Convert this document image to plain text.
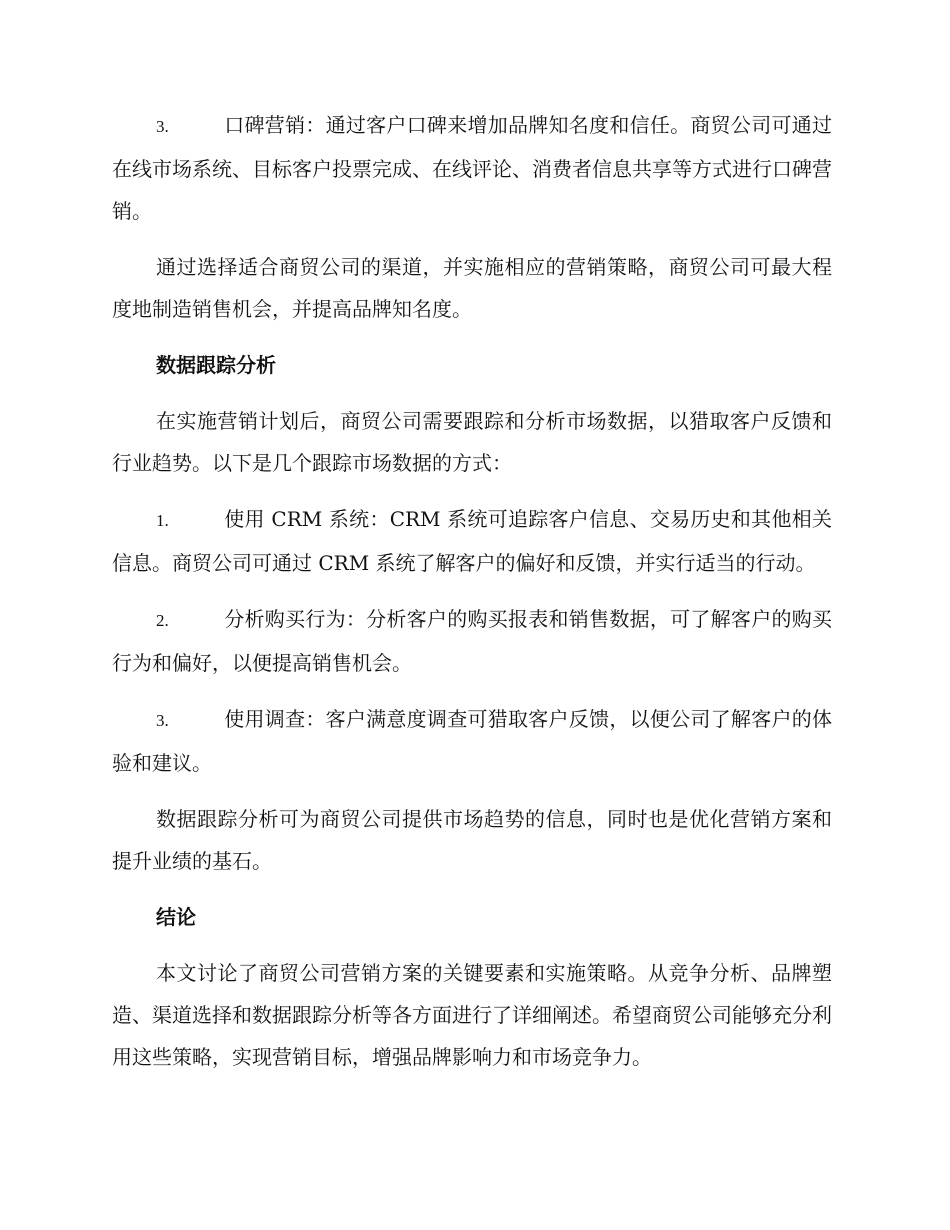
3.	口碑营销：通过客户口碑来增加品牌知名度和信任。商贸公司可通过在线市场系统、目标客户投票完成、在线评论、消费者信息共享等方式进行口碑营销。

通过选择适合商贸公司的渠道，并实施相应的营销策略，商贸公司可最大程度地制造销售机会，并提高品牌知名度。

数据跟踪分析

在实施营销计划后，商贸公司需要跟踪和分析市场数据，以猎取客户反馈和行业趋势。以下是几个跟踪市场数据的方式：

1.	使用 CRM 系统：CRM 系统可追踪客户信息、交易历史和其他相关信息。商贸公司可通过 CRM 系统了解客户的偏好和反馈，并实行适当的行动。

2.	分析购买行为：分析客户的购买报表和销售数据，可了解客户的购买行为和偏好，以便提高销售机会。

3.	使用调查：客户满意度调查可猎取客户反馈，以便公司了解客户的体验和建议。

数据跟踪分析可为商贸公司提供市场趋势的信息，同时也是优化营销方案和提升业绩的基石。

结论

本文讨论了商贸公司营销方案的关键要素和实施策略。从竞争分析、品牌塑造、渠道选择和数据跟踪分析等各方面进行了详细阐述。希望商贸公司能够充分利用这些策略，实现营销目标，增强品牌影响力和市场竞争力。
